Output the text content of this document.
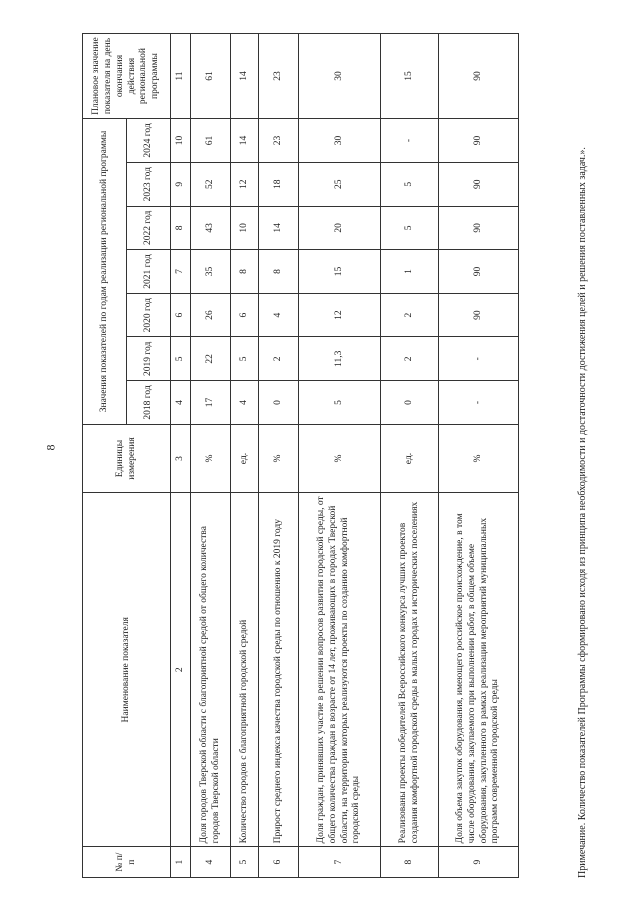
8
№ п/п	Наименование показателя	Единицы измерения	Значения показателей по годам реализации региональной программы							Плановое значение показателя на день окончания действия региональной программы
			2018 год	2019 год	2020 год	2021 год	2022 год	2023 год	2024 год	
1	2	3	4	5	6	7	8	9	10	11
4	Доля городов Тверской области с благоприятной средой от общего количества городов Тверской области	%	17	22	26	35	43	52	61	61
5	Количество городов с благоприятной городской средой	ед.	4	5	6	8	10	12	14	14
6	Прирост среднего индекса качества городской среды по отношению к 2019 году	%	0	2	4	8	14	18	23	23
7	Доля граждан, принявших участие в решении вопросов развития городской среды, от общего количества граждан в возрасте от 14 лет, проживающих в городах Тверской области, на территории которых реализуются проекты по созданию комфортной городской среды	%	5	11,3	12	15	20	25	30	30
8	Реализованы проекты победителей Всероссийского конкурса лучших проектов создания комфортной городской среды в малых городах и исторических поселениях	ед.	0	2	2	1	5	5	-	15
9	Доля объема закупок оборудования, имеющего российское происхождение, в том числе оборудования, закупаемого при выполнении работ, в общем объеме оборудования, закупленного в рамках реализации мероприятий муниципальных программ современной городской среды	%	-	-	90	90	90	90	90	90
Примечание. Количество показателей Программы сформировано исходя из принципа необходимости и достаточности достижения целей и решения поставленных задач.».
